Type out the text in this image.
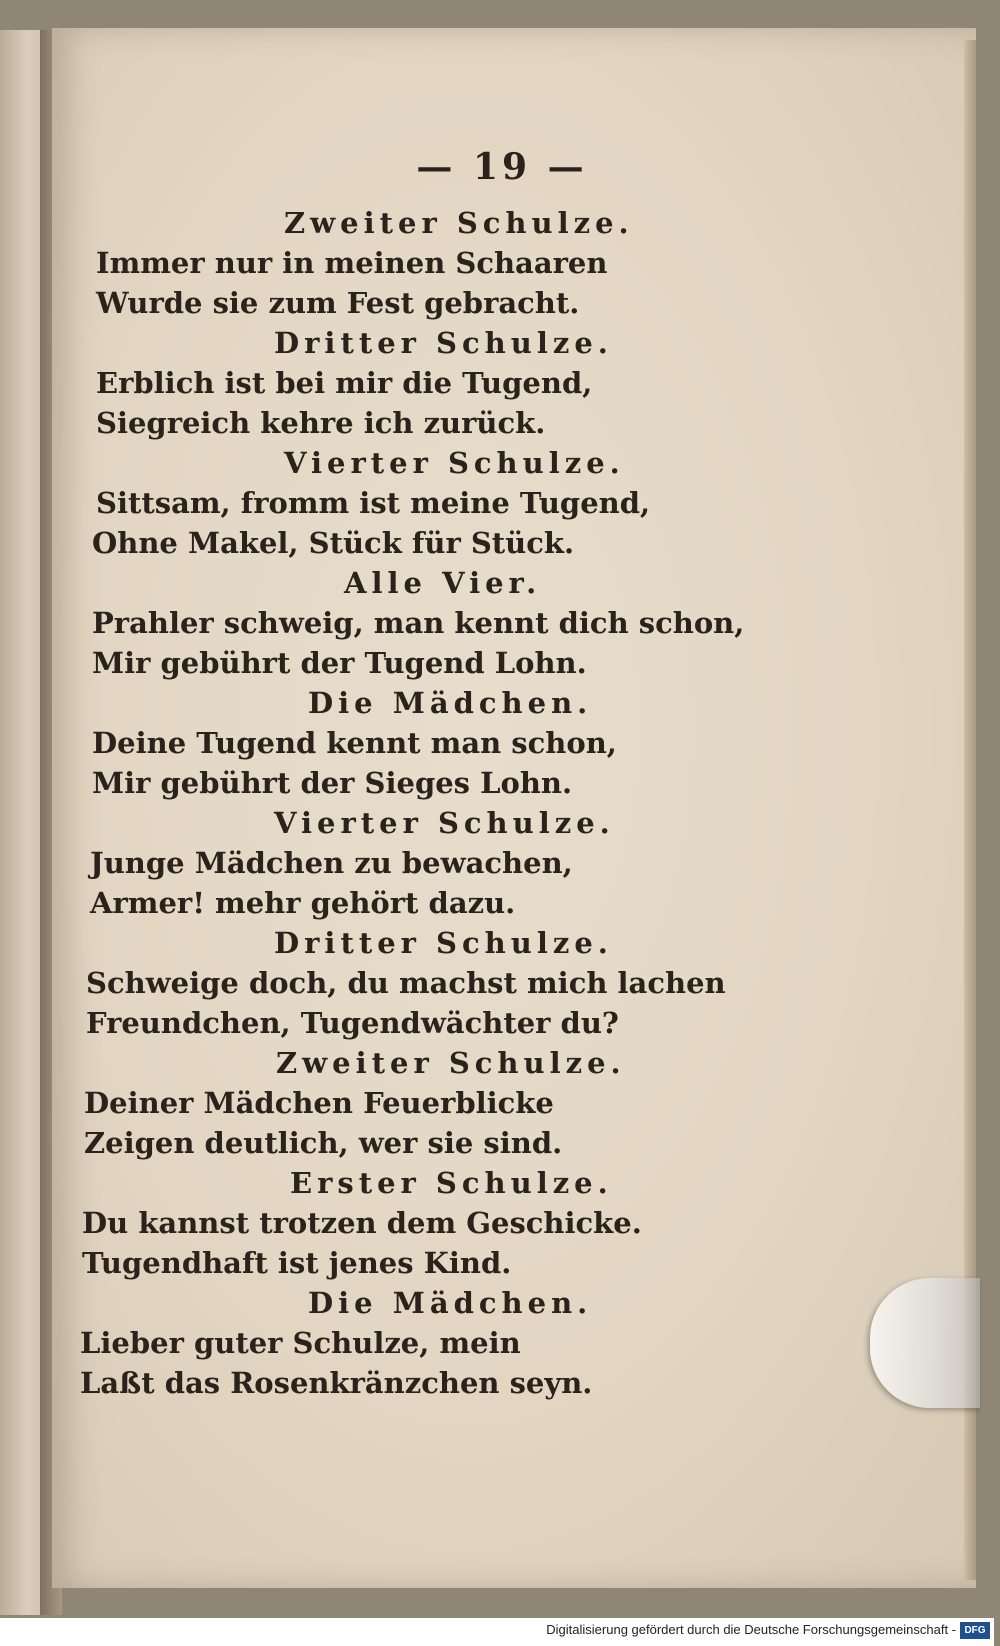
— 19 —
Zweiter Schulze.
Immer nur in meinen Schaaren
Wurde sie zum Fest gebracht.
Dritter Schulze.
Erblich ist bei mir die Tugend,
Siegreich kehre ich zurück.
Vierter Schulze.
Sittsam, fromm ist meine Tugend,
Ohne Makel, Stück für Stück.
Alle Vier.
Prahler schweig, man kennt dich schon,
Mir gebührt der Tugend Lohn.
Die Mädchen.
Deine Tugend kennt man schon,
Mir gebührt der Sieges Lohn.
Vierter Schulze.
Junge Mädchen zu bewachen,
Armer! mehr gehört dazu.
Dritter Schulze.
Schweige doch, du machst mich lachen
Freundchen, Tugendwächter du?
Zweiter Schulze.
Deiner Mädchen Feuerblicke
Zeigen deutlich, wer sie sind.
Erster Schulze.
Du kannst trotzen dem Geschicke.
Tugendhaft ist jenes Kind.
Die Mädchen.
Lieber guter Schulze, mein
Laßt das Rosenkränzchen seyn.
Digitalisierung gefördert durch die Deutsche Forschungsgemeinschaft - DFG
